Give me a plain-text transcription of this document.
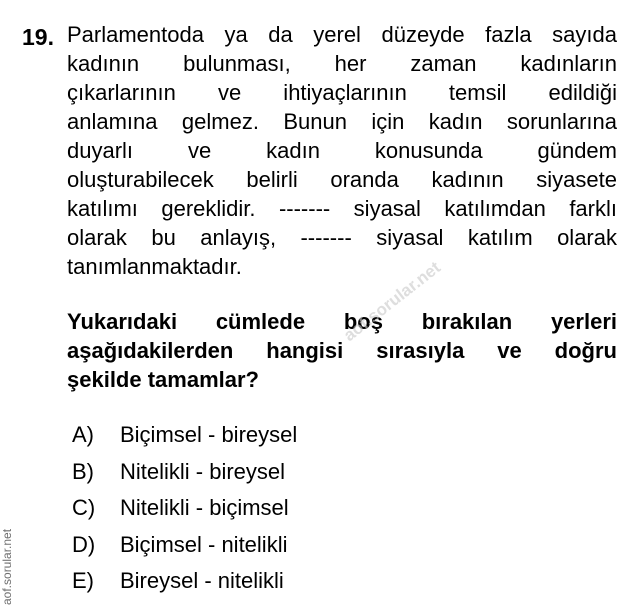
19. Parlamentoda ya da yerel düzeyde fazla sayıda
kadının bulunması, her zaman kadınların
çıkarlarının ve ihtiyaçlarının temsil edildiği
anlamına gelmez. Bunun için kadın sorunlarına
duyarlı ve kadın konusunda gündem
oluşturabilecek belirli oranda kadının siyasete
katılımı gereklidir. ------- siyasal katılımdan farklı
olarak bu anlayış, ------- siyasal katılım olarak
tanımlanmaktadır.
Yukarıdaki cümlede boş bırakılan yerleri
aşağıdakilerden hangisi sırasıyla ve doğru
şekilde tamamlar?
A)	Biçimsel - bireysel
B)	Nitelikli - bireysel
C)	Nitelikli - biçimsel
D)	Biçimsel - nitelikli
E)	Bireysel - nitelikli
aof.sorular.net
aof.sorular.net
